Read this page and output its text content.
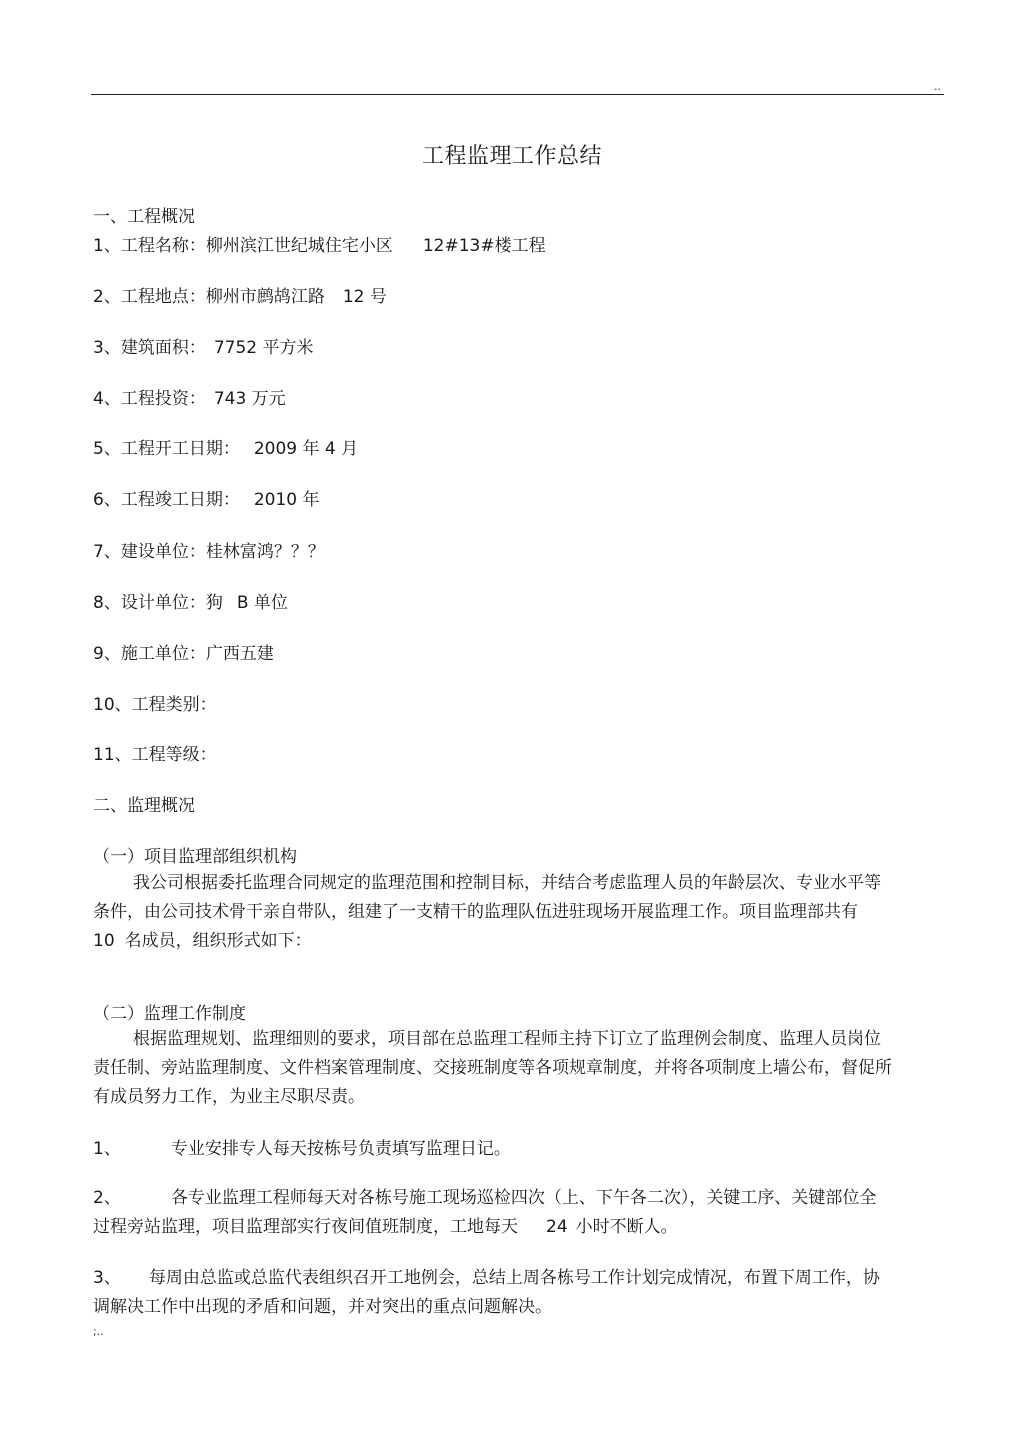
..
工程监理工作总结
一、工程概况
1、工程名称：柳州滨江世纪城住宅小区 12#13#楼工程
2、工程地点：柳州市鹧鸪江路 12 号
3、建筑面积： 7752 平方米
4、工程投资： 743 万元
5、工程开工日期： 2009 年 4 月
6、工程竣工日期： 2010 年
7、建设单位：桂林富鸿？？？
8、设计单位：狗 B 单位
9、施工单位：广西五建
10、工程类别：
11、工程等级：
二、监理概况
（一）项目监理部组织机构
我公司根据委托监理合同规定的监理范围和控制目标，并结合考虑监理人员的年龄层次、专业水平等条件，由公司技术骨干亲自带队，组建了一支精干的监理队伍进驻现场开展监理工作。项目监理部共有10 名成员，组织形式如下：
（二）监理工作制度
根据监理规划、监理细则的要求，项目部在总监理工程师主持下订立了监理例会制度、监理人员岗位责任制、旁站监理制度、文件档案管理制度、交接班制度等各项规章制度，并将各项制度上墙公布，督促所有成员努力工作，为业主尽职尽责。
1、	专业安排专人每天按栋号负责填写监理日记。
2、	各专业监理工程师每天对各栋号施工现场巡检四次（上、下午各二次），关键工序、关键部位全过程旁站监理，项目监理部实行夜间值班制度，工地每天 24 小时不断人。
3、 每周由总监或总监代表组织召开工地例会，总结上周各栋号工作计划完成情况，布置下周工作，协调解决工作中出现的矛盾和问题，并对突出的重点问题解决。
;..
